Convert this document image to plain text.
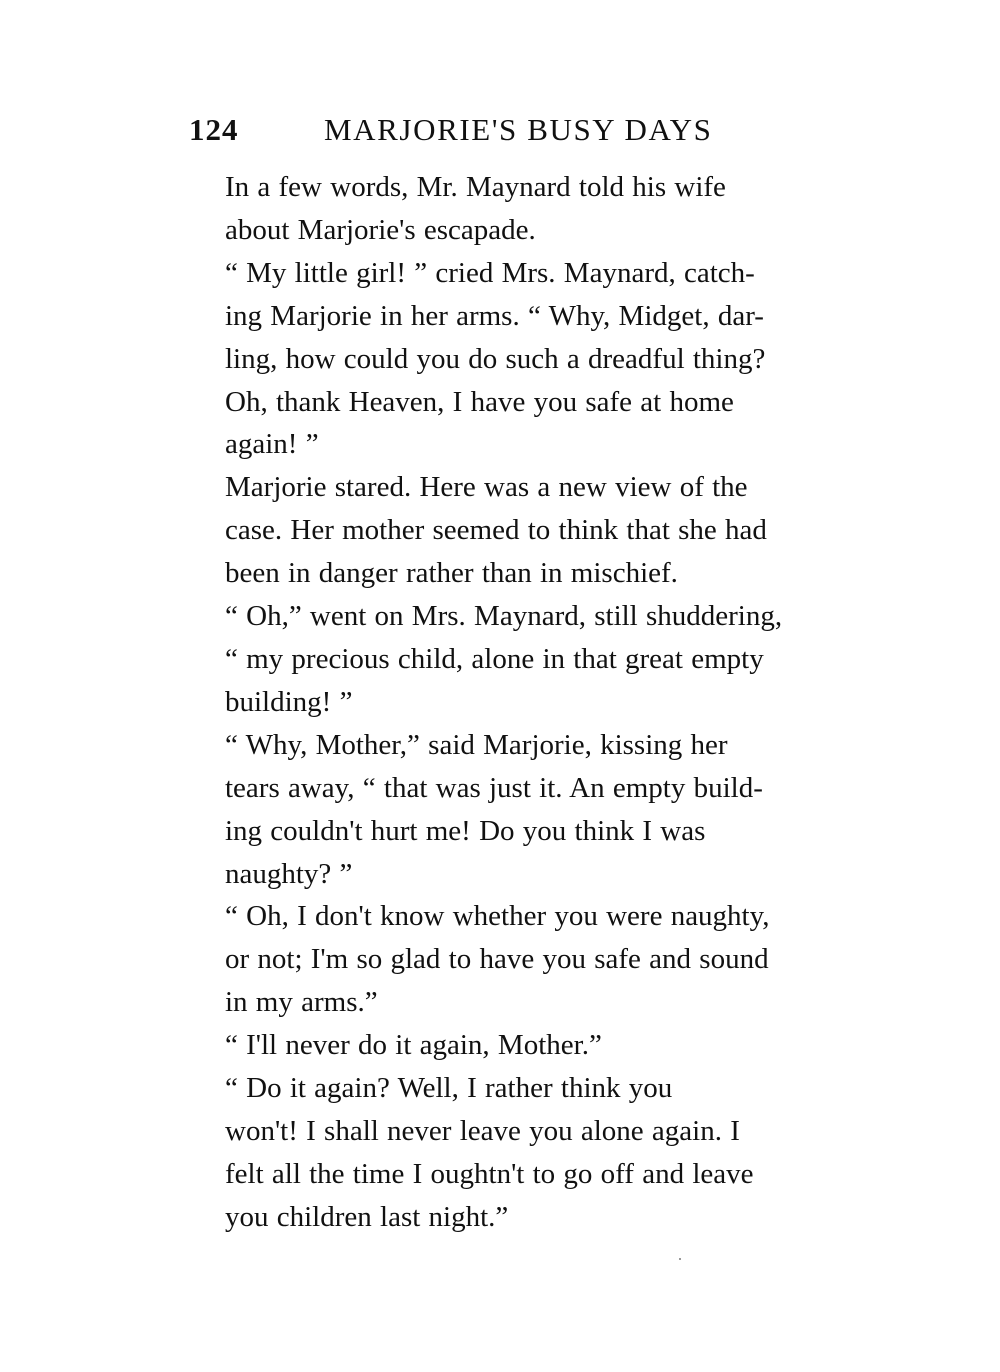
124	MARJORIE'S BUSY DAYS

In a few words, Mr. Maynard told his wife
about Marjorie's escapade.

“ My little girl! ” cried Mrs. Maynard, catch-
ing Marjorie in her arms. “ Why, Midget, dar-
ling, how could you do such a dreadful thing?
Oh, thank Heaven, I have you safe at home
again! ”

Marjorie stared. Here was a new view of the
case. Her mother seemed to think that she had
been in danger rather than in mischief.

“ Oh,” went on Mrs. Maynard, still shuddering,
“ my precious child, alone in that great empty
building! ”

“ Why, Mother,” said Marjorie, kissing her
tears away, “ that was just it. An empty build-
ing couldn't hurt me! Do you think I was
naughty? ”

“ Oh, I don't know whether you were naughty,
or not; I'm so glad to have you safe and sound
in my arms.”

“ I'll never do it again, Mother.”

“ Do it again? Well, I rather think you
won't! I shall never leave you alone again. I
felt all the time I oughtn't to go off and leave
you children last night.”
